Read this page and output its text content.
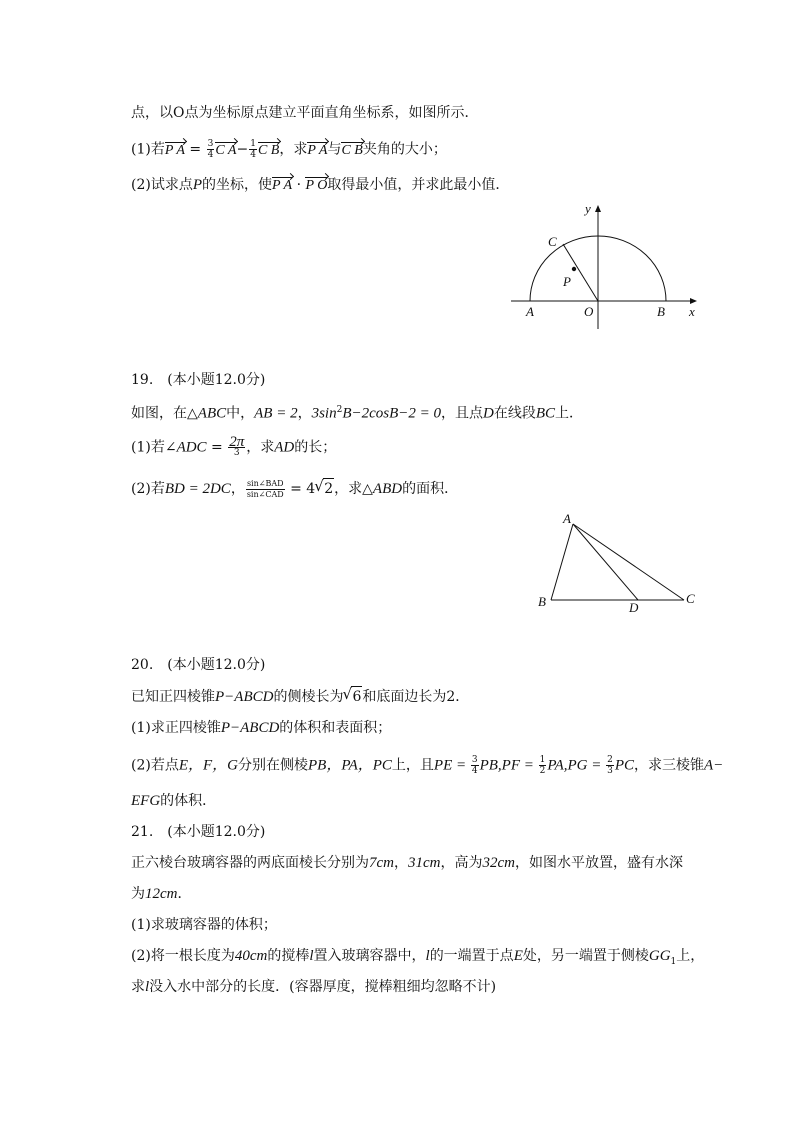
点，以O点为坐标原点建立平面直角坐标系，如图所示．
(1)若P $A = \frac{3}{4}$ C $A- \frac{1}{4}$ C B，求P A与C B夹角的大小；
(2)试求点P的坐标，使P A · P O取得最小值，并求此最小值．
y
x
A	O	B
C
P
19.　(本小题12.0分)
如图，在△ABC中，AB = 2，$3\sin^2B-2\cos B-2 = 0$，且点D在线段BC上．
(1)若∠ADC = $\frac{2\pi}{3}$ ，求AD的长；
(2)若BD = 2DC， $\frac{\text{sin∠BAD}}{\text{sin∠CAD}} = 4√$ 2，求△ABD的面积．
A
B	C
D
20.　(本小题12.0分)
已知正四棱锥P−ABCD的侧棱长为√ 6和底面边长为2．
(1)求正四棱锥P−ABCD的体积和表面积；
(2)若点E，F，G分别在侧棱PB，PA，PC上，且PE = $\frac{3}{4} PB,PF = \frac{1}{2} PA,PG = \frac{2}{3}$ PC，求三棱锥A−
EFG的体积．
21.　(本小题12.0分)
正六棱台玻璃容器的两底面棱长分别为7cm，31cm，高为32cm，如图水平放置，盛有水深
为12cm．
(1)求玻璃容器的体积；
(2)将一根长度为40cm的搅棒l置入玻璃容器中，l的一端置于点E处，另一端置于侧棱$GG_1$上，
求l没入水中部分的长度．(容器厚度，搅棒粗细均忽略不计)
